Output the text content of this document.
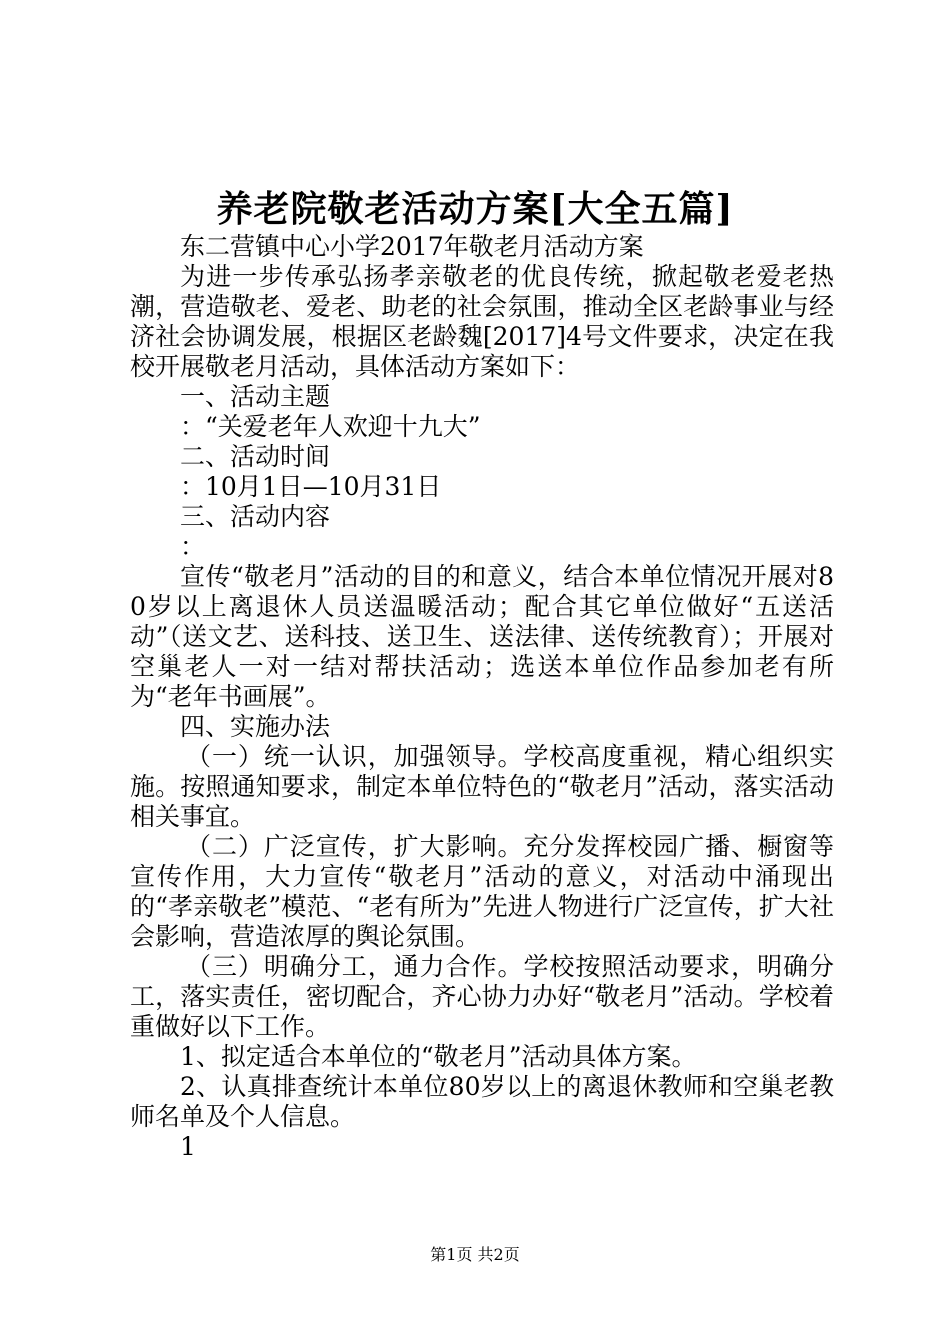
养老院敬老活动方案[大全五篇]

东二营镇中心小学2017年敬老月活动方案

为进一步传承弘扬孝亲敬老的优良传统，掀起敬老爱老热潮，营造敬老、爱老、助老的社会氛围，推动全区老龄事业与经济社会协调发展，根据区老龄魏[2017]4号文件要求，决定在我校开展敬老月活动，具体活动方案如下：

一、活动主题

：“关爱老年人欢迎十九大”

二、活动时间

：10月1日—10月31日

三、活动内容

：

宣传“敬老月”活动的目的和意义，结合本单位情况开展对80岁以上离退休人员送温暖活动；配合其它单位做好“五送活动”（送文艺、送科技、送卫生、送法律、送传统教育）；开展对空巢老人一对一结对帮扶活动；选送本单位作品参加老有所为“老年书画展”。

四、实施办法

（一）统一认识，加强领导。学校高度重视，精心组织实施。按照通知要求，制定本单位特色的“敬老月”活动，落实活动相关事宜。

（二）广泛宣传，扩大影响。充分发挥校园广播、橱窗等宣传作用，大力宣传“敬老月”活动的意义，对活动中涌现出的“孝亲敬老”模范、“老有所为”先进人物进行广泛宣传，扩大社会影响，营造浓厚的舆论氛围。

（三）明确分工，通力合作。学校按照活动要求，明确分工，落实责任，密切配合，齐心协力办好“敬老月”活动。学校着重做好以下工作。

1、拟定适合本单位的“敬老月”活动具体方案。

2、认真排查统计本单位80岁以上的离退休教师和空巢老教师名单及个人信息。

1

第1页 共2页
